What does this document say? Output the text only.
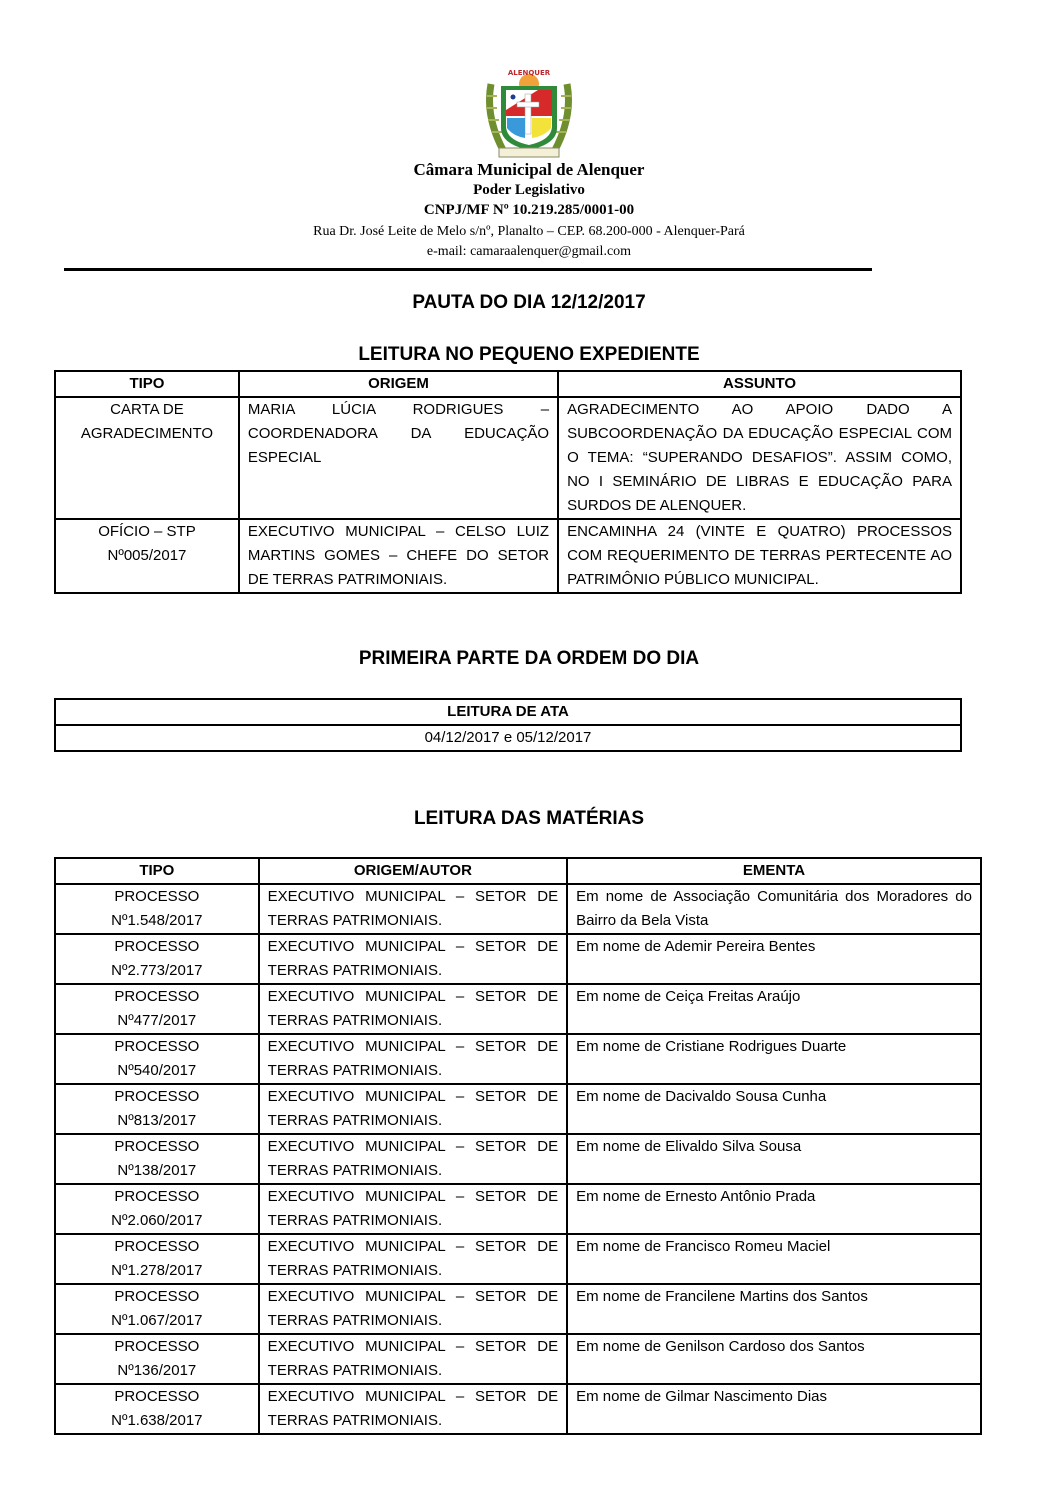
ALENQUER
Câmara Municipal de Alenquer
Poder Legislativo
CNPJ/MF Nº 10.219.285/0001-00
Rua Dr. José Leite de Melo s/nº, Planalto – CEP. 68.200-000 - Alenquer-Pará
e-mail: camaraalenquer@gmail.com
PAUTA DO DIA 12/12/2017
LEITURA NO PEQUENO EXPEDIENTE
TIPO	ORIGEM	ASSUNTO
CARTA DE AGRADECIMENTO	MARIA LÚCIA RODRIGUES – COORDENADORA DA EDUCAÇÃO ESPECIAL	AGRADECIMENTO AO APOIO DADO A SUBCOORDENAÇÃO DA EDUCAÇÃO ESPECIAL COM O TEMA: “SUPERANDO DESAFIOS”. ASSIM COMO, NO I SEMINÁRIO DE LIBRAS E EDUCAÇÃO PARA SURDOS DE ALENQUER.
OFÍCIO – STP Nº005/2017	EXECUTIVO MUNICIPAL – CELSO LUIZ MARTINS GOMES – CHEFE DO SETOR DE TERRAS PATRIMONIAIS.	ENCAMINHA 24 (VINTE E QUATRO) PROCESSOS COM REQUERIMENTO DE TERRAS PERTECENTE AO PATRIMÔNIO PÚBLICO MUNICIPAL.
PRIMEIRA PARTE DA ORDEM DO DIA
LEITURA DE ATA
04/12/2017 e 05/12/2017
LEITURA DAS MATÉRIAS
TIPO	ORIGEM/AUTOR	EMENTA

PROCESSO
Nº1.548/2017	EXECUTIVO MUNICIPAL – SETOR DE TERRAS PATRIMONIAIS.	Em nome de Associação Comunitária dos Moradores do Bairro da Bela Vista

PROCESSO
Nº2.773/2017	EXECUTIVO MUNICIPAL – SETOR DE TERRAS PATRIMONIAIS.	Em nome de Ademir Pereira Bentes

PROCESSO
Nº477/2017	EXECUTIVO MUNICIPAL – SETOR DE TERRAS PATRIMONIAIS.	Em nome de Ceiça Freitas Araújo

PROCESSO
Nº540/2017	EXECUTIVO MUNICIPAL – SETOR DE TERRAS PATRIMONIAIS.	Em nome de Cristiane Rodrigues Duarte

PROCESSO
Nº813/2017	EXECUTIVO MUNICIPAL – SETOR DE TERRAS PATRIMONIAIS.	Em nome de Dacivaldo Sousa Cunha

PROCESSO
Nº138/2017	EXECUTIVO MUNICIPAL – SETOR DE TERRAS PATRIMONIAIS.	Em nome de Elivaldo Silva Sousa

PROCESSO
Nº2.060/2017	EXECUTIVO MUNICIPAL – SETOR DE TERRAS PATRIMONIAIS.	Em nome de Ernesto Antônio Prada

PROCESSO
Nº1.278/2017	EXECUTIVO MUNICIPAL – SETOR DE TERRAS PATRIMONIAIS.	Em nome de Francisco Romeu Maciel

PROCESSO
Nº1.067/2017	EXECUTIVO MUNICIPAL – SETOR DE TERRAS PATRIMONIAIS.	Em nome de Francilene Martins dos Santos

PROCESSO
Nº136/2017	EXECUTIVO MUNICIPAL – SETOR DE TERRAS PATRIMONIAIS.	Em nome de Genilson Cardoso dos Santos

PROCESSO
Nº1.638/2017	EXECUTIVO MUNICIPAL – SETOR DE TERRAS PATRIMONIAIS.	Em nome de Gilmar Nascimento Dias
